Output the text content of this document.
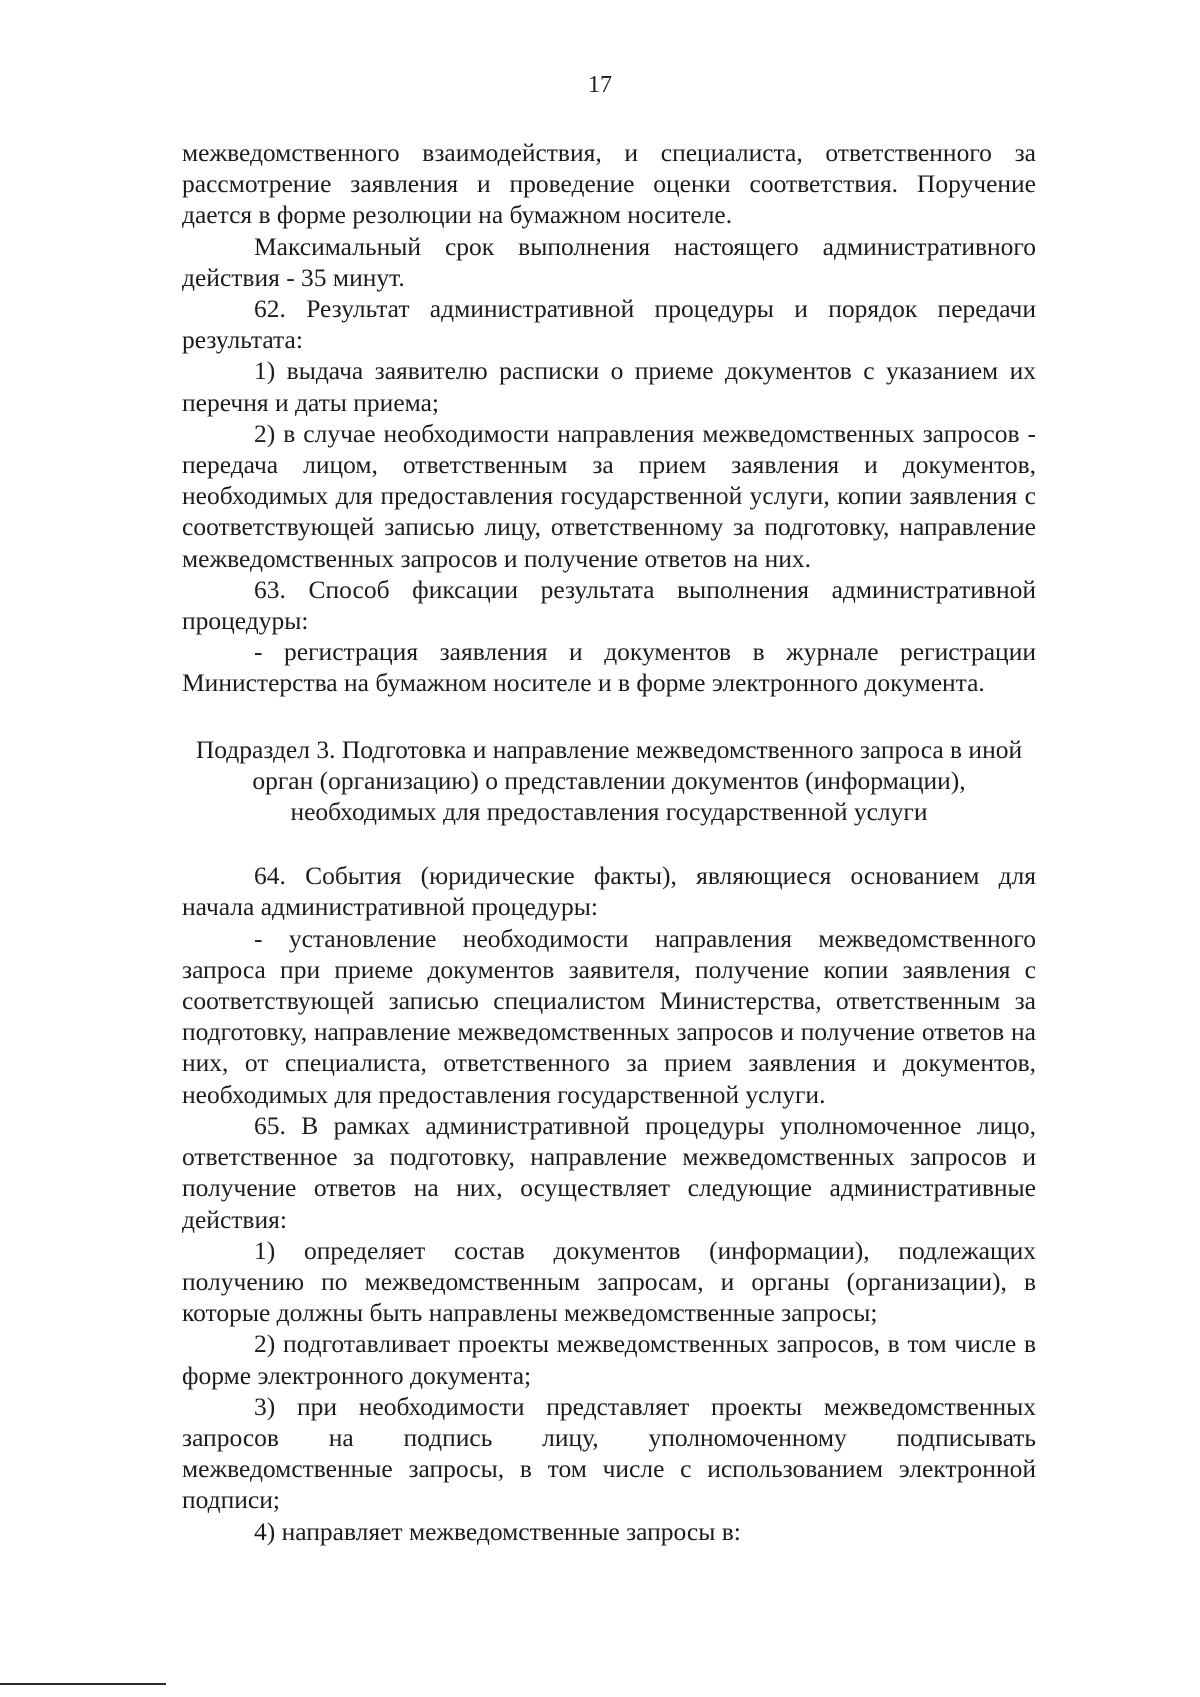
17

межведомственного взаимодействия, и специалиста, ответственного за рассмотрение заявления и проведение оценки соответствия. Поручение дается в форме резолюции на бумажном носителе.

Максимальный срок выполнения настоящего административного действия - 35 минут.

62. Результат административной процедуры и порядок передачи результата:

1) выдача заявителю расписки о приеме документов с указанием их перечня и даты приема;

2) в случае необходимости направления межведомственных запросов - передача лицом, ответственным за прием заявления и документов, необходимых для предоставления государственной услуги, копии заявления с соответствующей записью лицу, ответственному за подготовку, направление межведомственных запросов и получение ответов на них.

63. Способ фиксации результата выполнения административной процедуры:

- регистрация заявления и документов в журнале регистрации Министерства на бумажном носителе и в форме электронного документа.

Подраздел 3. Подготовка и направление межведомственного запроса в иной орган (организацию) о представлении документов (информации), необходимых для предоставления государственной услуги

64. События (юридические факты), являющиеся основанием для начала административной процедуры:

- установление необходимости направления межведомственного запроса при приеме документов заявителя, получение копии заявления с соответствующей записью специалистом Министерства, ответственным за подготовку, направление межведомственных запросов и получение ответов на них, от специалиста, ответственного за прием заявления и документов, необходимых для предоставления государственной услуги.

65. В рамках административной процедуры уполномоченное лицо, ответственное за подготовку, направление межведомственных запросов и получение ответов на них, осуществляет следующие административные действия:

1) определяет состав документов (информации), подлежащих получению по межведомственным запросам, и органы (организации), в которые должны быть направлены межведомственные запросы;

2) подготавливает проекты межведомственных запросов, в том числе в форме электронного документа;

3) при необходимости представляет проекты межведомственных запросов на подпись лицу, уполномоченному подписывать межведомственные запросы, в том числе с использованием электронной подписи;

4) направляет межведомственные запросы в:
